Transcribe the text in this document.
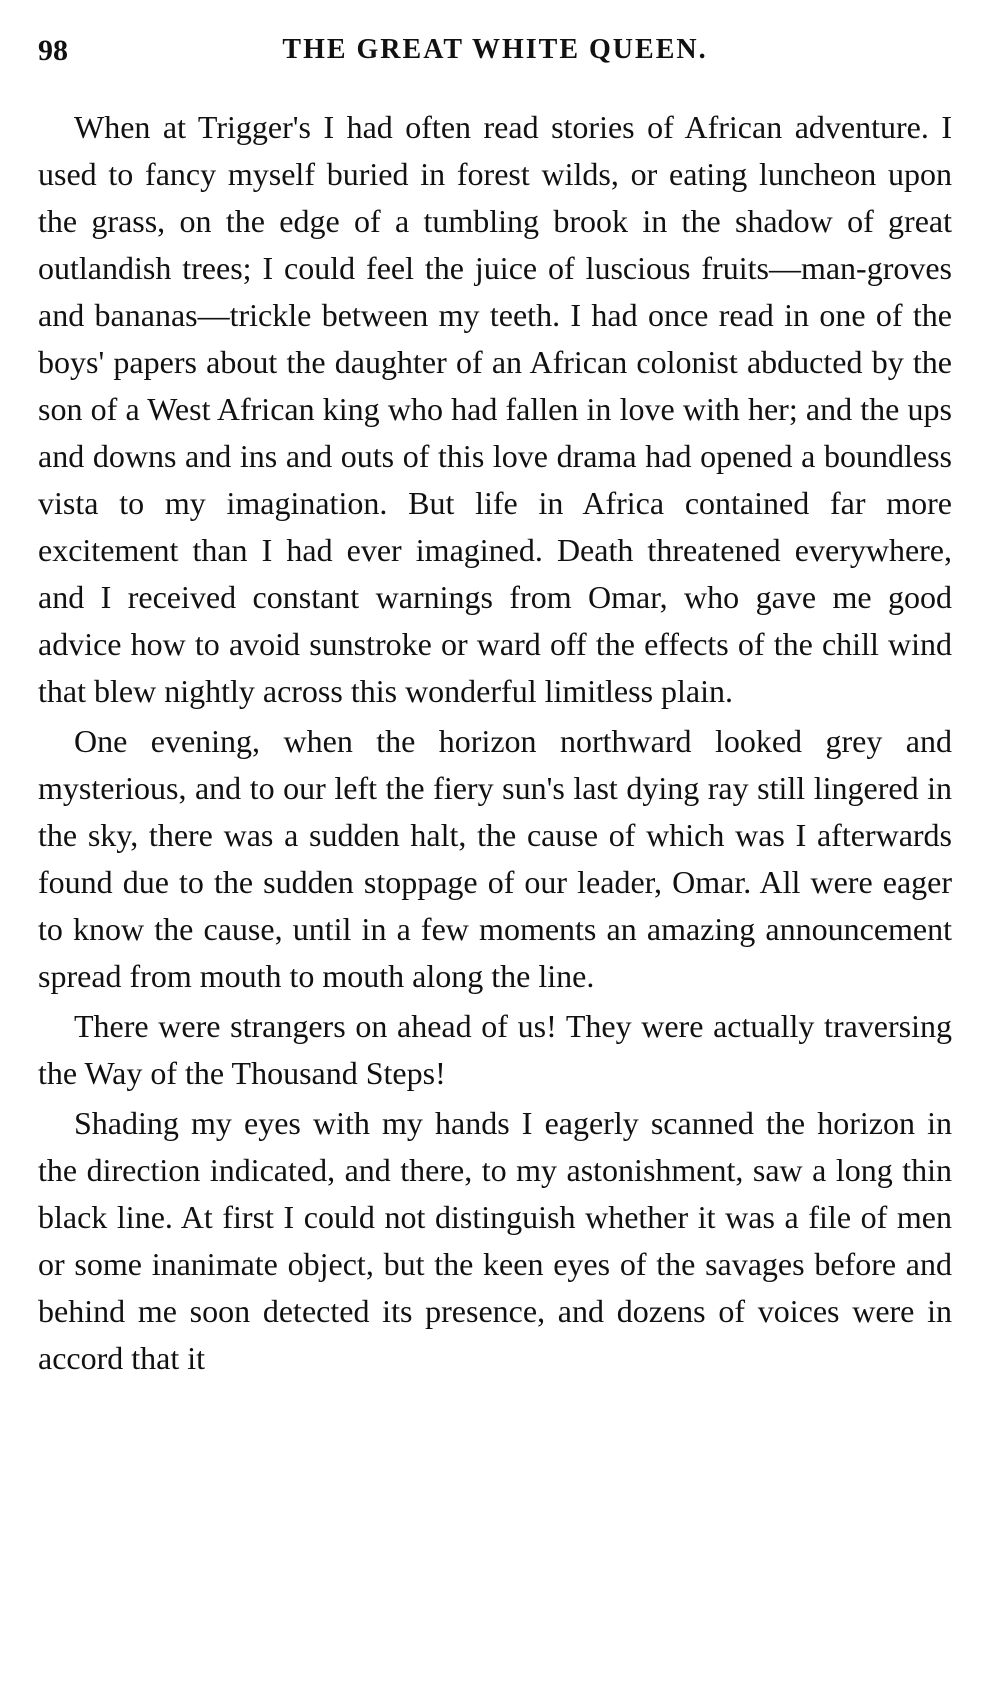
98	THE GREAT WHITE QUEEN.

When at Trigger's I had often read stories of African adventure. I used to fancy myself buried in forest wilds, or eating luncheon upon the grass, on the edge of a tumbling brook in the shadow of great outlandish trees; I could feel the juice of luscious fruits—man-groves and bananas—trickle between my teeth. I had once read in one of the boys' papers about the daughter of an African colonist abducted by the son of a West African king who had fallen in love with her; and the ups and downs and ins and outs of this love drama had opened a boundless vista to my imagination. But life in Africa contained far more excitement than I had ever imagined. Death threatened everywhere, and I received constant warnings from Omar, who gave me good advice how to avoid sunstroke or ward off the effects of the chill wind that blew nightly across this wonderful limitless plain.

One evening, when the horizon northward looked grey and mysterious, and to our left the fiery sun's last dying ray still lingered in the sky, there was a sudden halt, the cause of which was I afterwards found due to the sudden stoppage of our leader, Omar. All were eager to know the cause, until in a few moments an amazing announcement spread from mouth to mouth along the line.

There were strangers on ahead of us! They were actually traversing the Way of the Thousand Steps!

Shading my eyes with my hands I eagerly scanned the horizon in the direction indicated, and there, to my astonishment, saw a long thin black line. At first I could not distinguish whether it was a file of men or some inanimate object, but the keen eyes of the savages before and behind me soon detected its presence, and dozens of voices were in accord that it
